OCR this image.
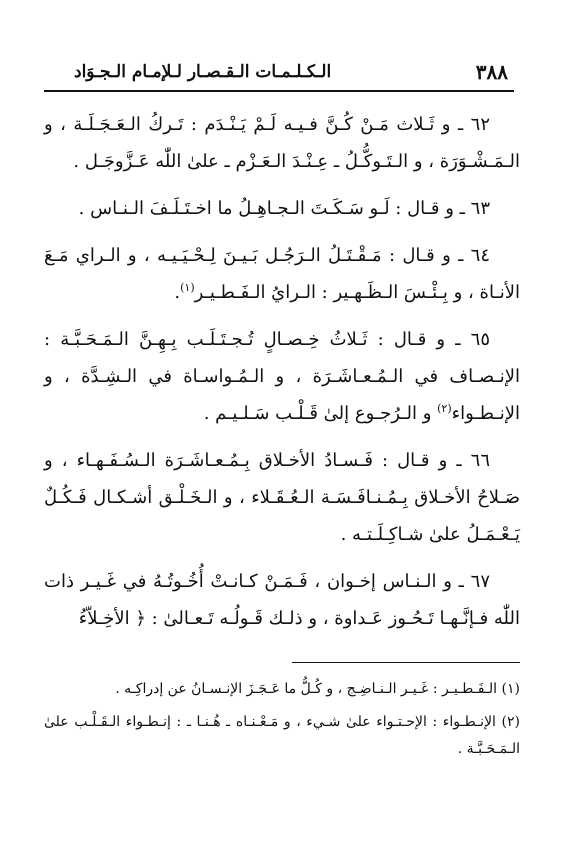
٣٨٨
الـكـلـمـات الـقـصـار لـلإمـام الـجـوَاد

٦٢ ـ و ثَـلاث مَـنْ كُـنَّ فـيـه لَـمْ يَـنْـدَم : تَـركُ الـعَـجَـلَـة ، و الـمَـشْـوَرَة ، و الـتَـوكُّـلُ ـ عِـنْـدَ الـعَـزْم ـ علىٰ اللّٰه عَـزَّوجَـل .

٦٣ ـ و قـال : لَـو سَـكَـتَ الـجـاهِـلُ ما اخـتَـلَـفَ الـنـاس .

٦٤ ـ و قـال : مَـقْـتَـلُ الـرَجُـل بَـيـنَ لِـحْـيَـيـه ، و الـراي مَـعَ الأنـاة ، و بِـئْـسَ الـظَـهـير : الـرايُ الـفَـطـيـر$^{(١)}$.

٦٥ ـ و قـال : ثَـلاثُ خِـصـالٍ تُـجـتَـلَـب بِـهِـنَّ الـمَـحَـبَّـة : الإنـصـاف في الـمُـعـاشَـرَة ، و الـمُـواسـاة في الـشِـدَّة ، و الإنـطـواء$^{(٢)}$ و الـرُجـوع إلىٰ قَـلْـب سَـلـيـم .

٦٦ ـ و قـال : فَـسـادُ الأخـلاق بِـمُـعـاشَـرَة الـسُـفَـهـاء ، و صَـلاحُ الأخـلاق بِـمُـنـافَـسَـة الـعُـقَـلاء ، و الـخَـلْـق أشـكـال فَـكُـلٌ يَـعْـمَـلُ علىٰ شـاكِـلَـتـه .

٦٧ ـ و الـنـاس إخـوان ، فَـمَـنْ كـانـتْ أُخُـوتُـهُ في غَـيـر ذات اللّٰه فـإنَّـهـا تَـحُـوز عَـداوة ، و ذلـك قَـولُـه تَـعـالىٰ : ﴿ الأخِـلاّءُ

(١) الـفَـطـيـر : غَـيـر الـنـاضِـج ، و كُـلُّ ما عَـجَـزَ الإنـسـانُ عن إدراكِـه .

(٢) الإنـطـواء : الإحـتـواء علىٰ شـيء ، و مَـعْـنـاه ـ هُـنـا ـ : إنـطـواء الـقَـلْـب علىٰ الـمَـحَـبَّـة .
